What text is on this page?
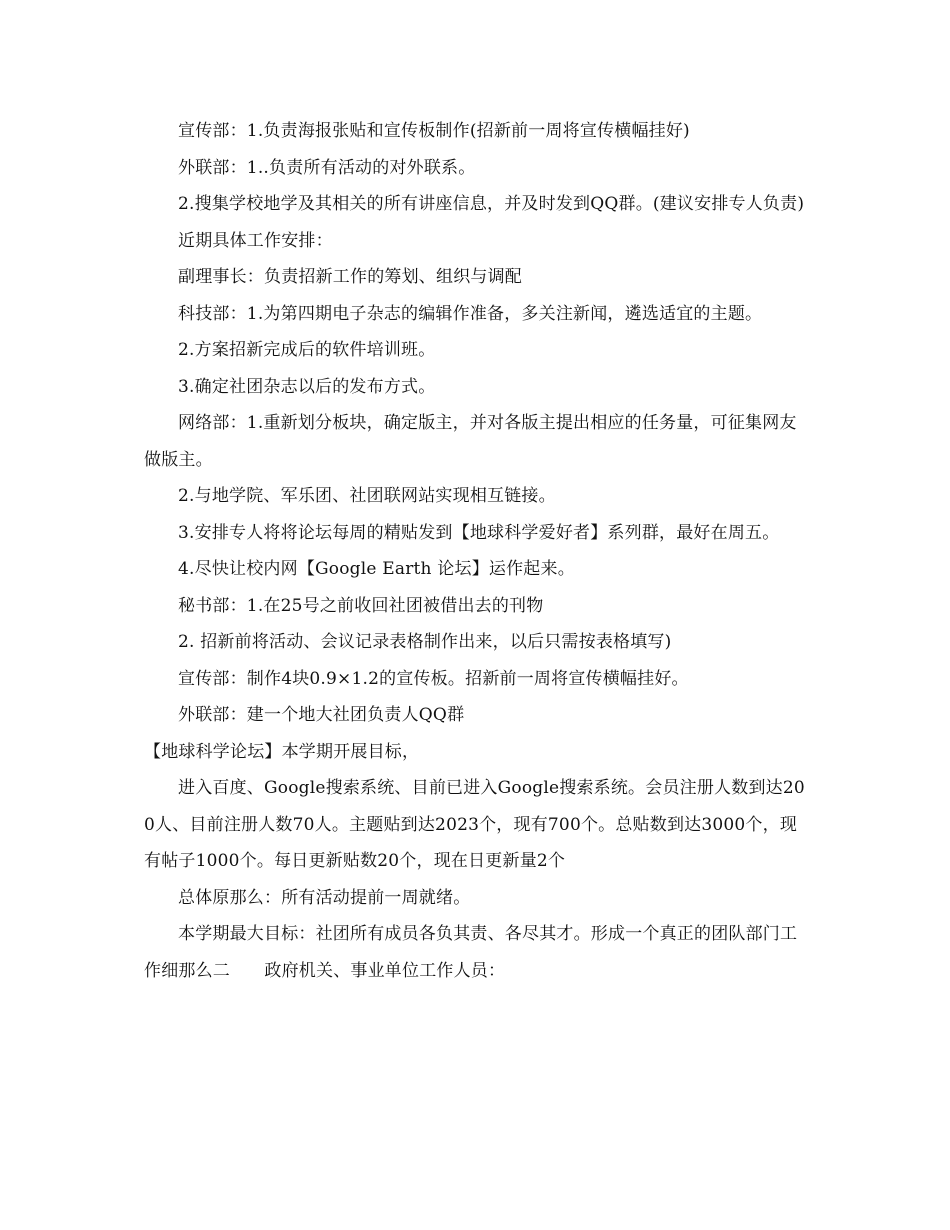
宣传部：1.负责海报张贴和宣传板制作(招新前一周将宣传横幅挂好)

外联部：1..负责所有活动的对外联系。

2.搜集学校地学及其相关的所有讲座信息，并及时发到QQ群。(建议安排专人负责)

近期具体工作安排：

副理事长：负责招新工作的筹划、组织与调配

科技部：1.为第四期电子杂志的编辑作准备，多关注新闻，遴选适宜的主题。

2.方案招新完成后的软件培训班。

3.确定社团杂志以后的发布方式。

网络部：1.重新划分板块，确定版主，并对各版主提出相应的任务量，可征集网友做版主。

2.与地学院、军乐团、社团联网站实现相互链接。

3.安排专人将将论坛每周的精贴发到【地球科学爱好者】系列群，最好在周五。

4.尽快让校内网【Google Earth 论坛】运作起来。

秘书部：1.在25号之前收回社团被借出去的刊物

2. 招新前将活动、会议记录表格制作出来，以后只需按表格填写)

宣传部：制作4块0.9×1.2的宣传板。招新前一周将宣传横幅挂好。

外联部：建一个地大社团负责人QQ群

【地球科学论坛】本学期开展目标，

进入百度、Google搜索系统、目前已进入Google搜索系统。会员注册人数到达200人、目前注册人数70人。主题贴到达2023个，现有700个。总贴数到达3000个，现有帖子1000个。每日更新贴数20个，现在日更新量2个

总体原那么：所有活动提前一周就绪。

本学期最大目标：社团所有成员各负其责、各尽其才。形成一个真正的团队部门工作细那么二　　政府机关、事业单位工作人员：
